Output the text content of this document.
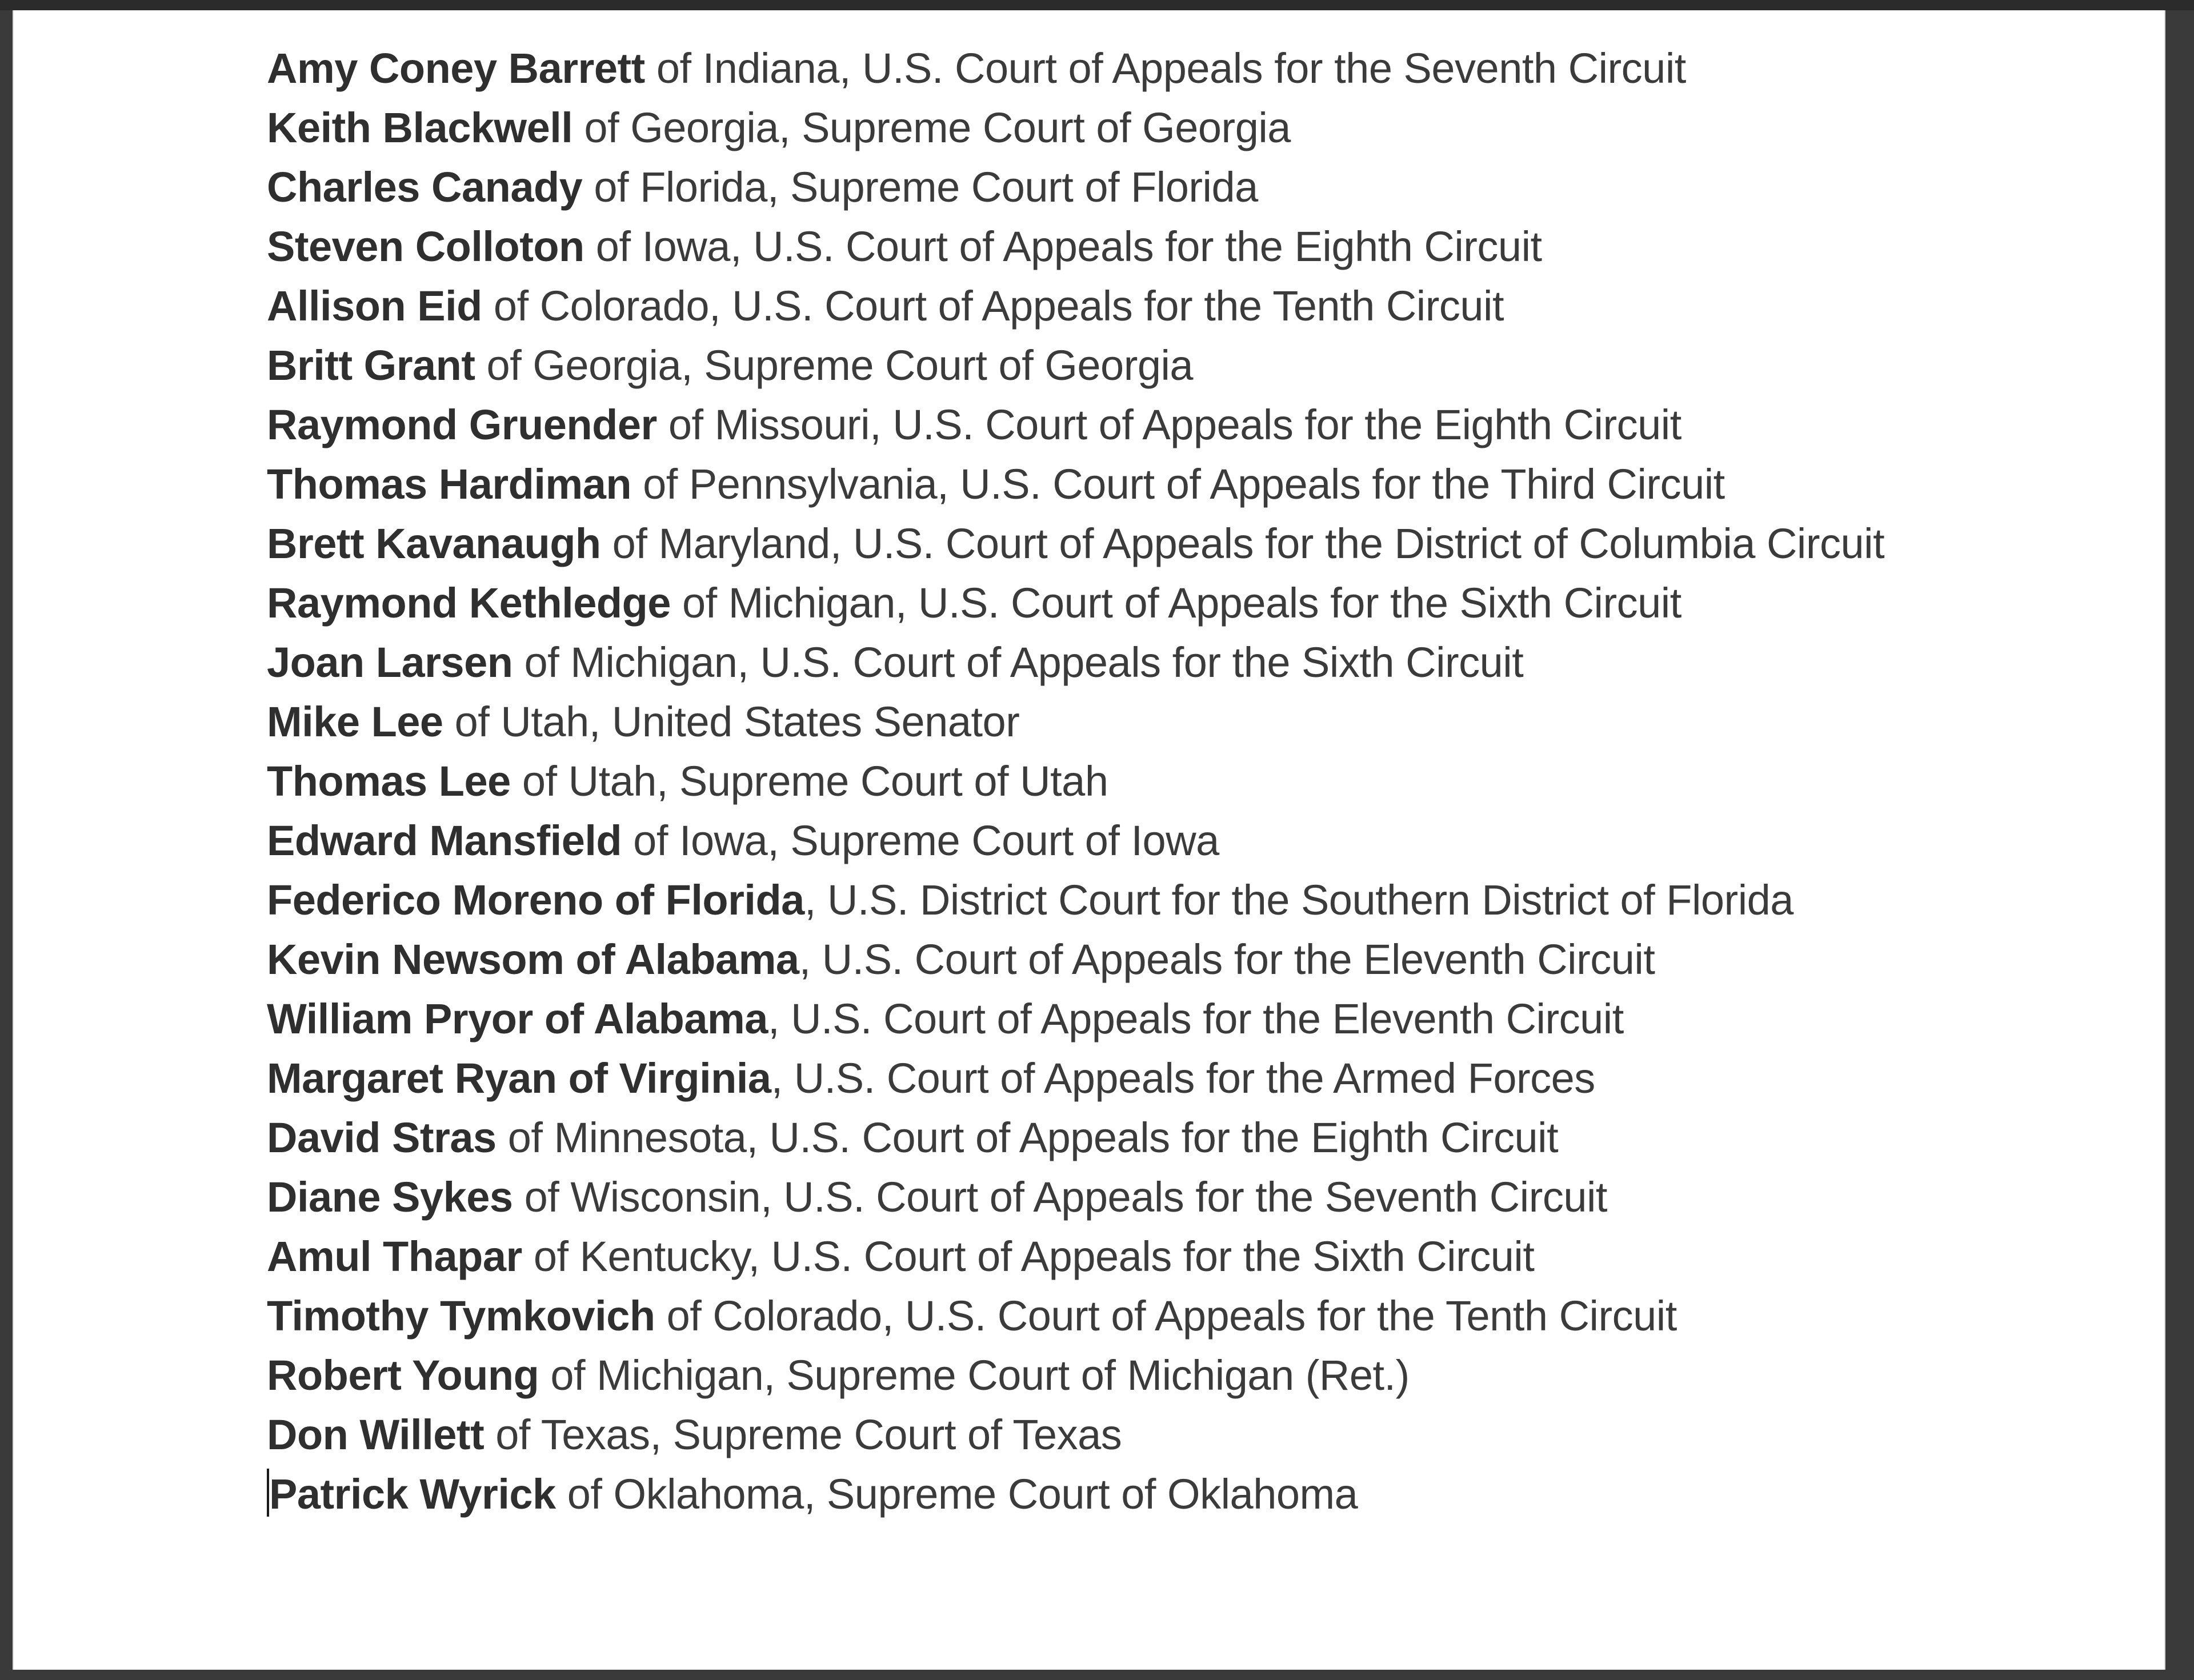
Amy Coney Barrett of Indiana, U.S. Court of Appeals for the Seventh Circuit
Keith Blackwell of Georgia, Supreme Court of Georgia
Charles Canady of Florida, Supreme Court of Florida
Steven Colloton of Iowa, U.S. Court of Appeals for the Eighth Circuit
Allison Eid of Colorado, U.S. Court of Appeals for the Tenth Circuit
Britt Grant of Georgia, Supreme Court of Georgia
Raymond Gruender of Missouri, U.S. Court of Appeals for the Eighth Circuit
Thomas Hardiman of Pennsylvania, U.S. Court of Appeals for the Third Circuit
Brett Kavanaugh of Maryland, U.S. Court of Appeals for the District of Columbia Circuit
Raymond Kethledge of Michigan, U.S. Court of Appeals for the Sixth Circuit
Joan Larsen of Michigan, U.S. Court of Appeals for the Sixth Circuit
Mike Lee of Utah, United States Senator
Thomas Lee of Utah, Supreme Court of Utah
Edward Mansfield of Iowa, Supreme Court of Iowa
Federico Moreno of Florida, U.S. District Court for the Southern District of Florida
Kevin Newsom of Alabama, U.S. Court of Appeals for the Eleventh Circuit
William Pryor of Alabama, U.S. Court of Appeals for the Eleventh Circuit
Margaret Ryan of Virginia, U.S. Court of Appeals for the Armed Forces
David Stras of Minnesota, U.S. Court of Appeals for the Eighth Circuit
Diane Sykes of Wisconsin, U.S. Court of Appeals for the Seventh Circuit
Amul Thapar of Kentucky, U.S. Court of Appeals for the Sixth Circuit
Timothy Tymkovich of Colorado, U.S. Court of Appeals for the Tenth Circuit
Robert Young of Michigan, Supreme Court of Michigan (Ret.)
Don Willett of Texas, Supreme Court of Texas
Patrick Wyrick of Oklahoma, Supreme Court of Oklahoma
